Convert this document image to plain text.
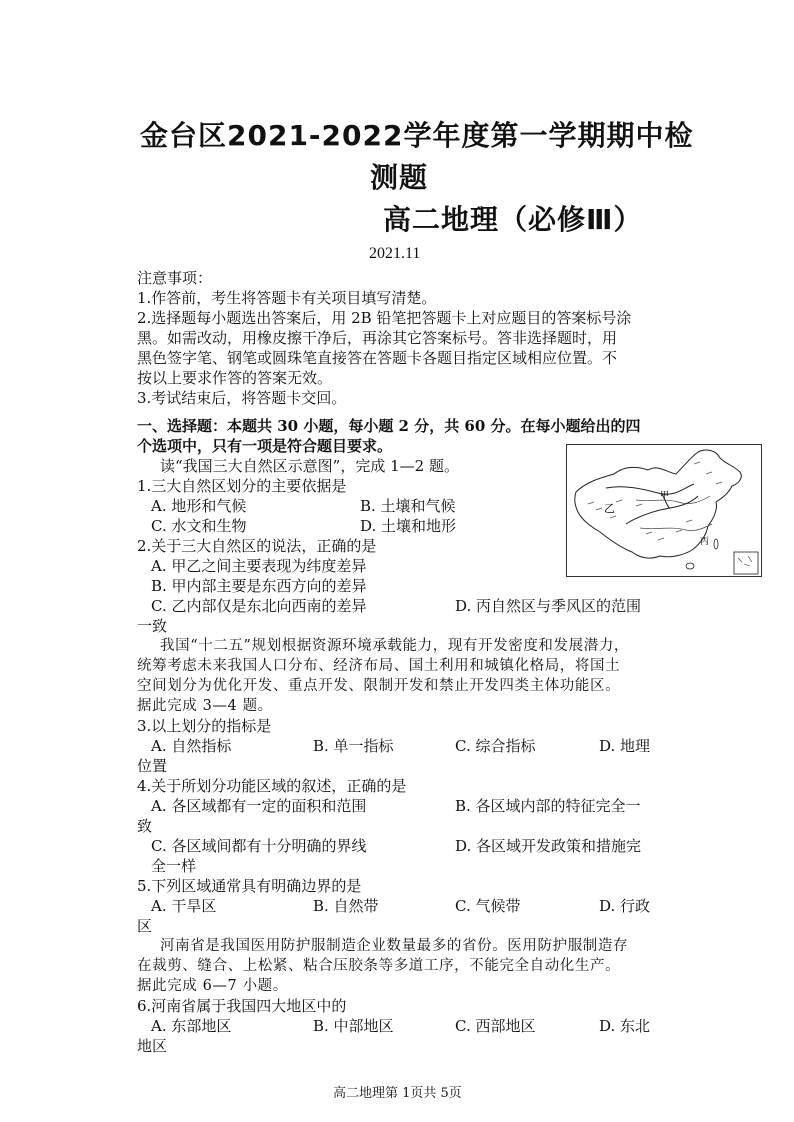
金台区2021-2022学年度第一学期期中检
测题
高二地理（必修Ⅲ）
2021.11
注意事项：
1.作答前，考生将答题卡有关项目填写清楚。
2.选择题每小题选出答案后，用 2B 铅笔把答题卡上对应题目的答案标号涂
黑。如需改动，用橡皮擦干净后，再涂其它答案标号。答非选择题时，用
黑色签字笔、钢笔或圆珠笔直接答在答题卡各题目指定区域相应位置。不
按以上要求作答的答案无效。
3.考试结束后，将答题卡交回。
一、选择题：本题共 30 小题，每小题 2 分，共 60 分。在每小题给出的四
个选项中，只有一项是符合题目要求。
读“我国三大自然区示意图”，完成 1—2 题。
甲
乙
丙
1.三大自然区划分的主要依据是
A. 地形和气候	B. 土壤和气候
C. 水文和生物	D. 土壤和地形
2.关于三大自然区的说法，正确的是
A. 甲乙之间主要表现为纬度差异
B. 甲内部主要是东西方向的差异
C. 乙内部仅是东北向西南的差异	D. 丙自然区与季风区的范围
一致
我国“十二五”规划根据资源环境承载能力，现有开发密度和发展潜力，
统筹考虑未来我国人口分布、经济布局、国土利用和城镇化格局，将国土
空间划分为优化开发、重点开发、限制开发和禁止开发四类主体功能区。
据此完成 3—4 题。
3.以上划分的指标是
A. 自然指标	B. 单一指标	C. 综合指标	D. 地理
位置
4.关于所划分功能区域的叙述，正确的是
A. 各区域都有一定的面积和范围	B. 各区域内部的特征完全一
致
C. 各区域间都有十分明确的界线	D. 各区域开发政策和措施完
全一样
5.下列区域通常具有明确边界的是
A. 干旱区	B. 自然带	C. 气候带	D. 行政
区
河南省是我国医用防护服制造企业数量最多的省份。医用防护服制造存
在裁剪、缝合、上松紧、粘合压胶条等多道工序，不能完全自动化生产。
据此完成 6—7 小题。
6.河南省属于我国四大地区中的
A. 东部地区	B. 中部地区	C. 西部地区	D. 东北
地区
高二地理第 1页共 5页
